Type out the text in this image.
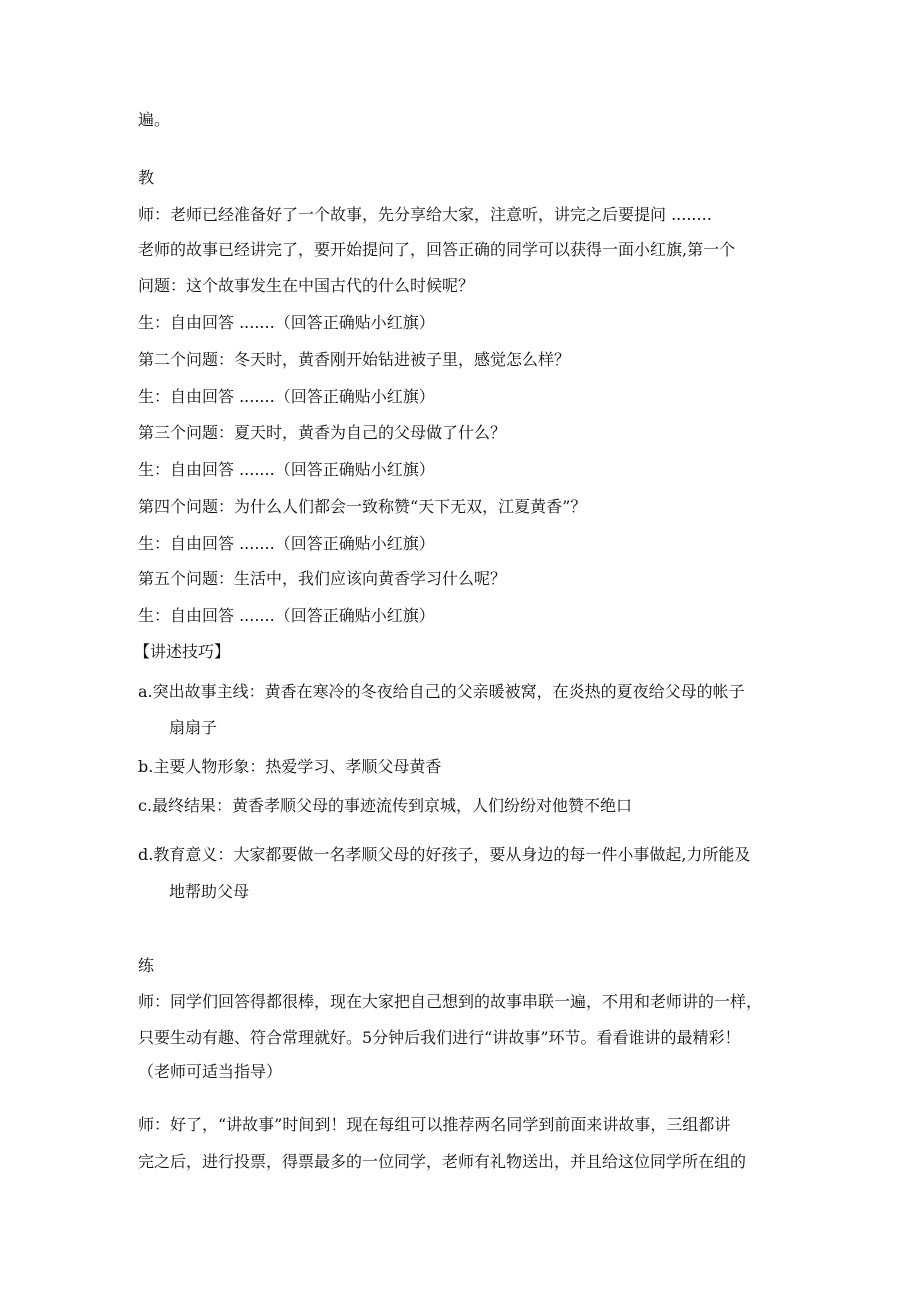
遍。
教
师：老师已经准备好了一个故事，先分享给大家，注意听，讲完之后要提问 ........
老师的故事已经讲完了，要开始提问了，回答正确的同学可以获得一面小红旗,第一个
问题：这个故事发生在中国古代的什么时候呢？
生：自由回答 .......（回答正确贴小红旗）
第二个问题：冬天时，黄香刚开始钻进被子里，感觉怎么样？
生：自由回答 .......（回答正确贴小红旗）
第三个问题：夏天时，黄香为自己的父母做了什么？
生：自由回答 .......（回答正确贴小红旗）
第四个问题：为什么人们都会一致称赞“天下无双，江夏黄香”？
生：自由回答 .......（回答正确贴小红旗）
第五个问题：生活中，我们应该向黄香学习什么呢？
生：自由回答 .......（回答正确贴小红旗）
【讲述技巧】
a.突出故事主线：黄香在寒冷的冬夜给自己的父亲暖被窝，在炎热的夏夜给父母的帐子
扇扇子
b.主要人物形象：热爱学习、孝顺父母黄香
c.最终结果：黄香孝顺父母的事迹流传到京城，人们纷纷对他赞不绝口
d.教育意义：大家都要做一名孝顺父母的好孩子，要从身边的每一件小事做起,力所能及
地帮助父母
练
师：同学们回答得都很棒，现在大家把自己想到的故事串联一遍，不用和老师讲的一样，
只要生动有趣、符合常理就好。5分钟后我们进行“讲故事”环节。看看谁讲的最精彩！
（老师可适当指导）
师：好了，“讲故事”时间到！现在每组可以推荐两名同学到前面来讲故事，三组都讲
完之后，进行投票，得票最多的一位同学，老师有礼物送出，并且给这位同学所在组的
